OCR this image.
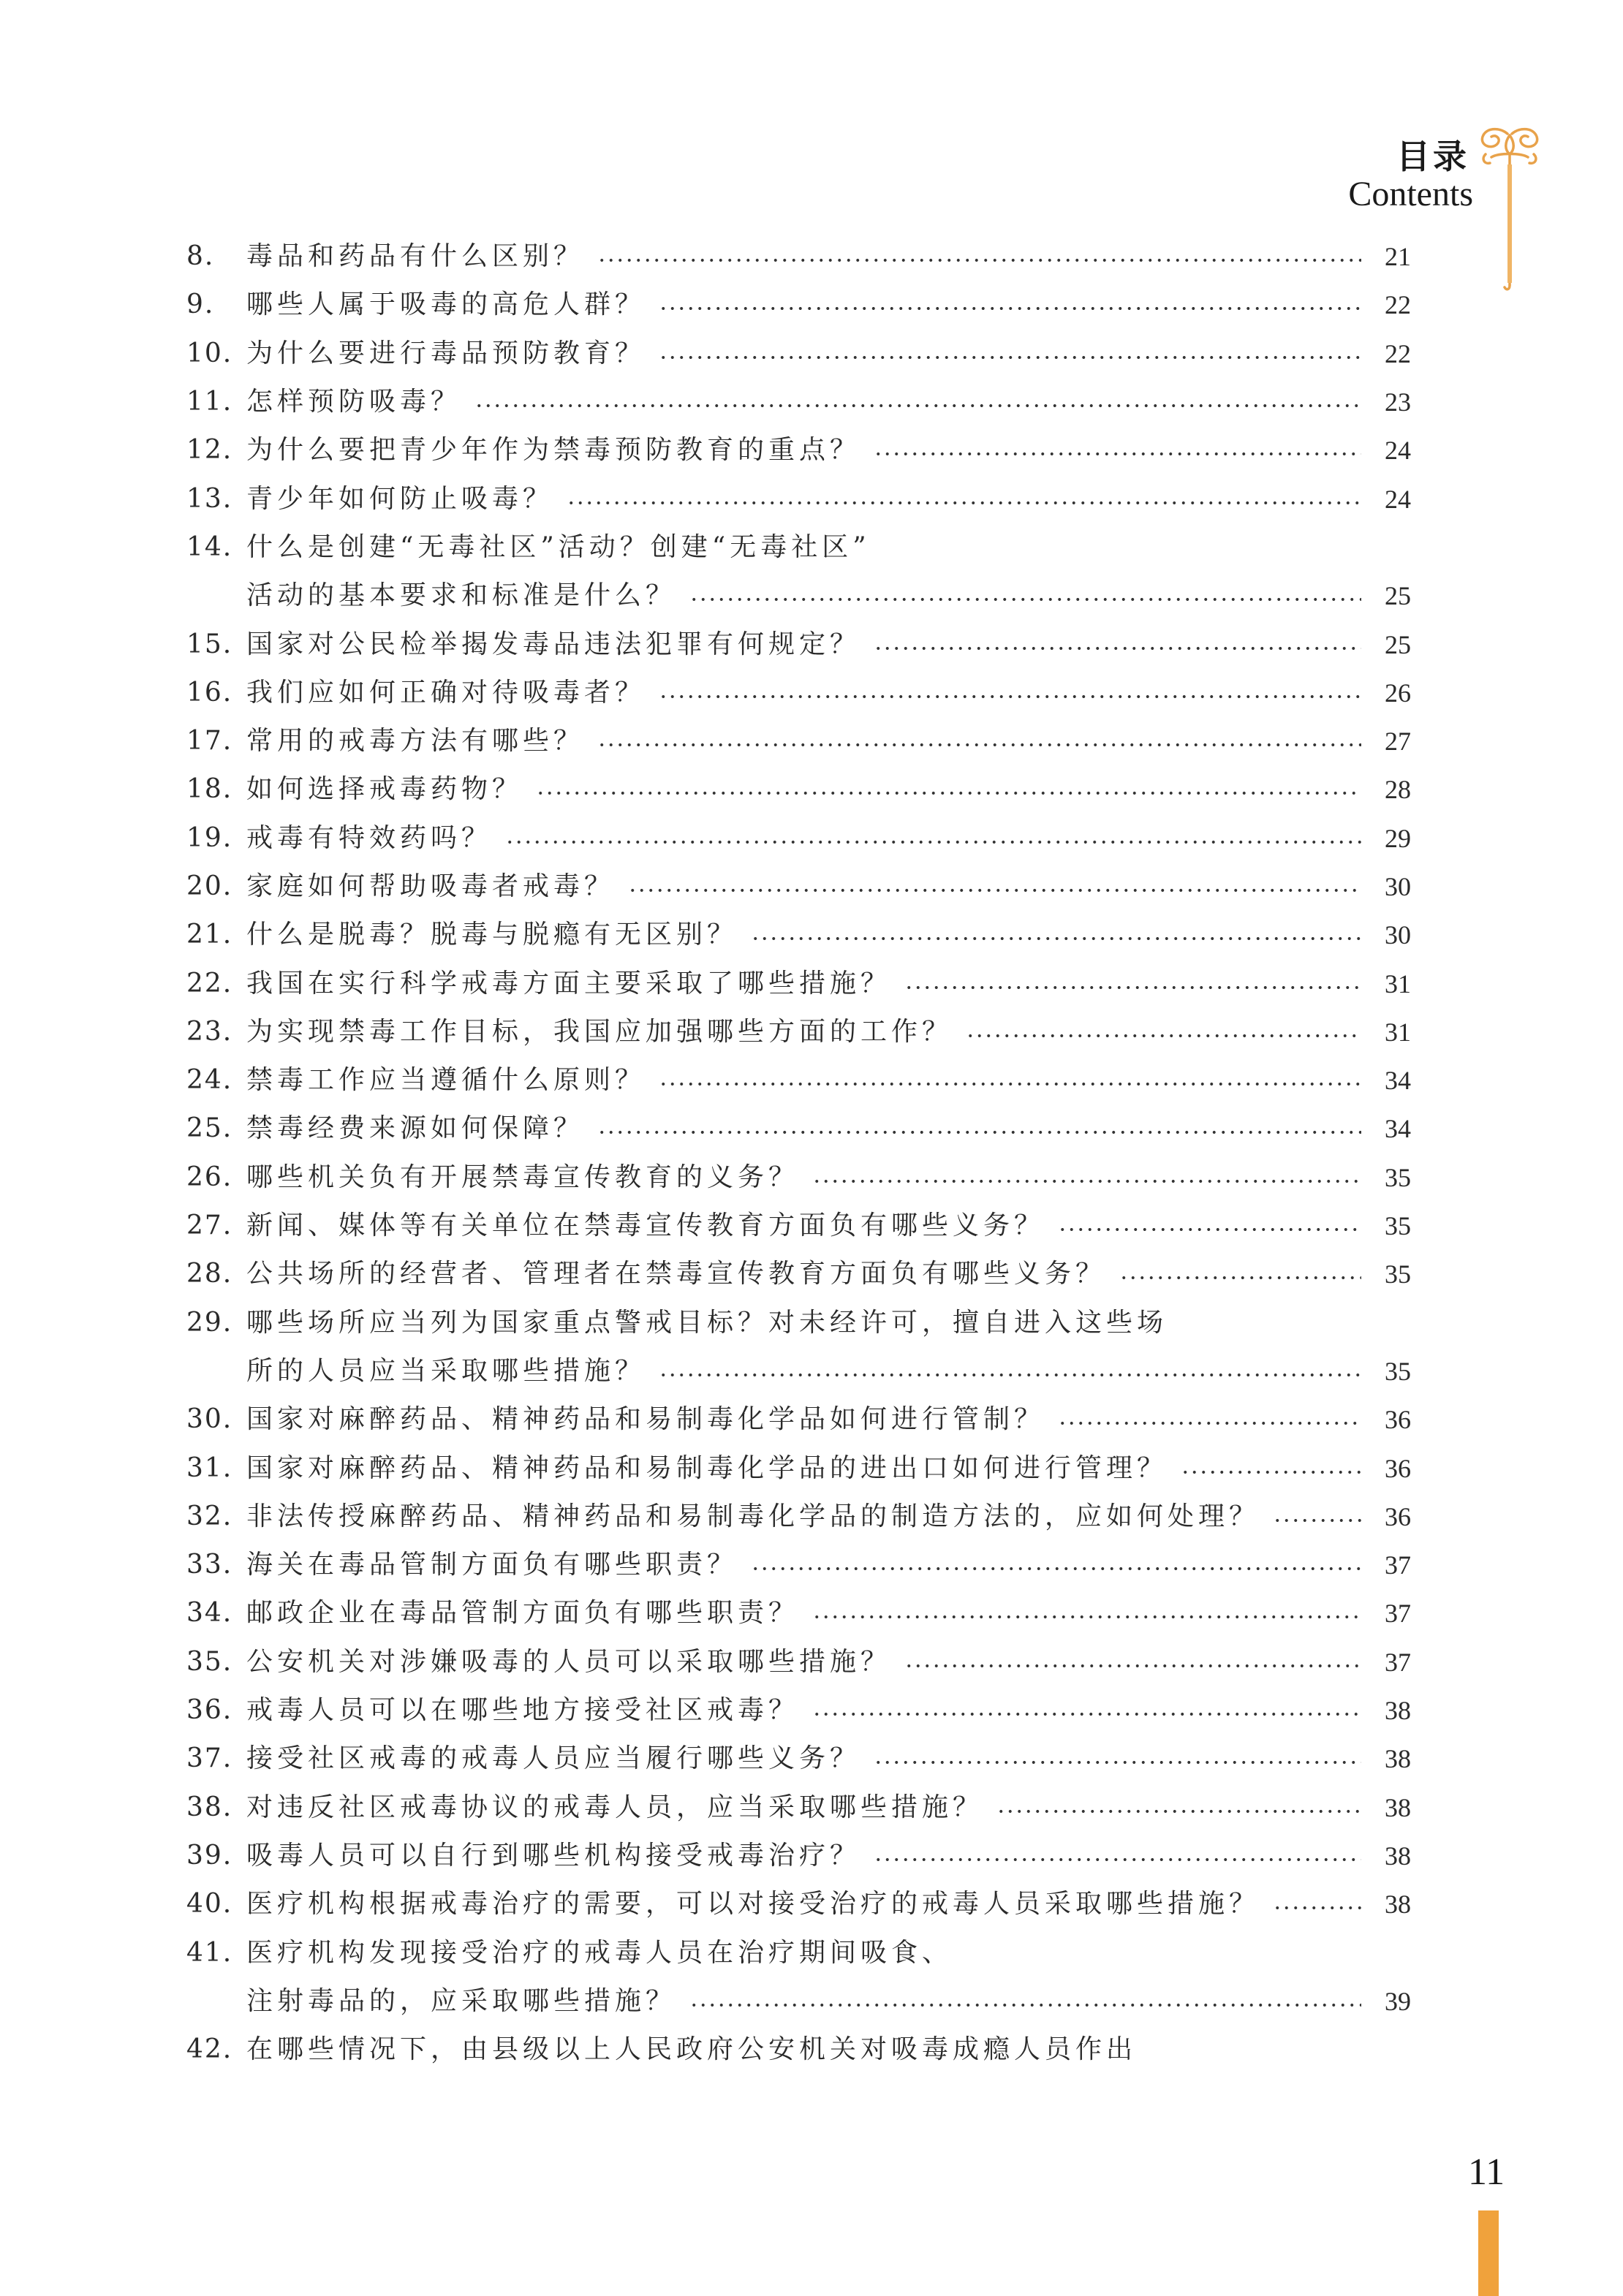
目录
Contents
8.	毒品和药品有什么区别？	21
9.	哪些人属于吸毒的高危人群？	22
10. 为什么要进行毒品预防教育？	22
11. 怎样预防吸毒？	23
12. 为什么要把青少年作为禁毒预防教育的重点？	24
13. 青少年如何防止吸毒？	24
14. 什么是创建“无毒社区”活动？创建“无毒社区”
活动的基本要求和标准是什么？	25
15. 国家对公民检举揭发毒品违法犯罪有何规定？	25
16. 我们应如何正确对待吸毒者？	26
17. 常用的戒毒方法有哪些？	27
18. 如何选择戒毒药物？	28
19. 戒毒有特效药吗？	29
20. 家庭如何帮助吸毒者戒毒？	30
21. 什么是脱毒？脱毒与脱瘾有无区别？	30
22. 我国在实行科学戒毒方面主要采取了哪些措施？	31
23. 为实现禁毒工作目标，我国应加强哪些方面的工作？	31
24. 禁毒工作应当遵循什么原则？	34
25. 禁毒经费来源如何保障？	34
26. 哪些机关负有开展禁毒宣传教育的义务？	35
27. 新闻、媒体等有关单位在禁毒宣传教育方面负有哪些义务？	35
28. 公共场所的经营者、管理者在禁毒宣传教育方面负有哪些义务？	35
29. 哪些场所应当列为国家重点警戒目标？对未经许可，擅自进入这些场
所的人员应当采取哪些措施？	35
30. 国家对麻醉药品、精神药品和易制毒化学品如何进行管制？	36
31. 国家对麻醉药品、精神药品和易制毒化学品的进出口如何进行管理？	36
32. 非法传授麻醉药品、精神药品和易制毒化学品的制造方法的，应如何处理？	36
33. 海关在毒品管制方面负有哪些职责？	37
34. 邮政企业在毒品管制方面负有哪些职责？	37
35. 公安机关对涉嫌吸毒的人员可以采取哪些措施？	37
36. 戒毒人员可以在哪些地方接受社区戒毒？	38
37. 接受社区戒毒的戒毒人员应当履行哪些义务？	38
38. 对违反社区戒毒协议的戒毒人员，应当采取哪些措施？	38
39. 吸毒人员可以自行到哪些机构接受戒毒治疗？	38
40. 医疗机构根据戒毒治疗的需要，可以对接受治疗的戒毒人员采取哪些措施？	38
41. 医疗机构发现接受治疗的戒毒人员在治疗期间吸食、
注射毒品的，应采取哪些措施？	39
42. 在哪些情况下，由县级以上人民政府公安机关对吸毒成瘾人员作出
11
